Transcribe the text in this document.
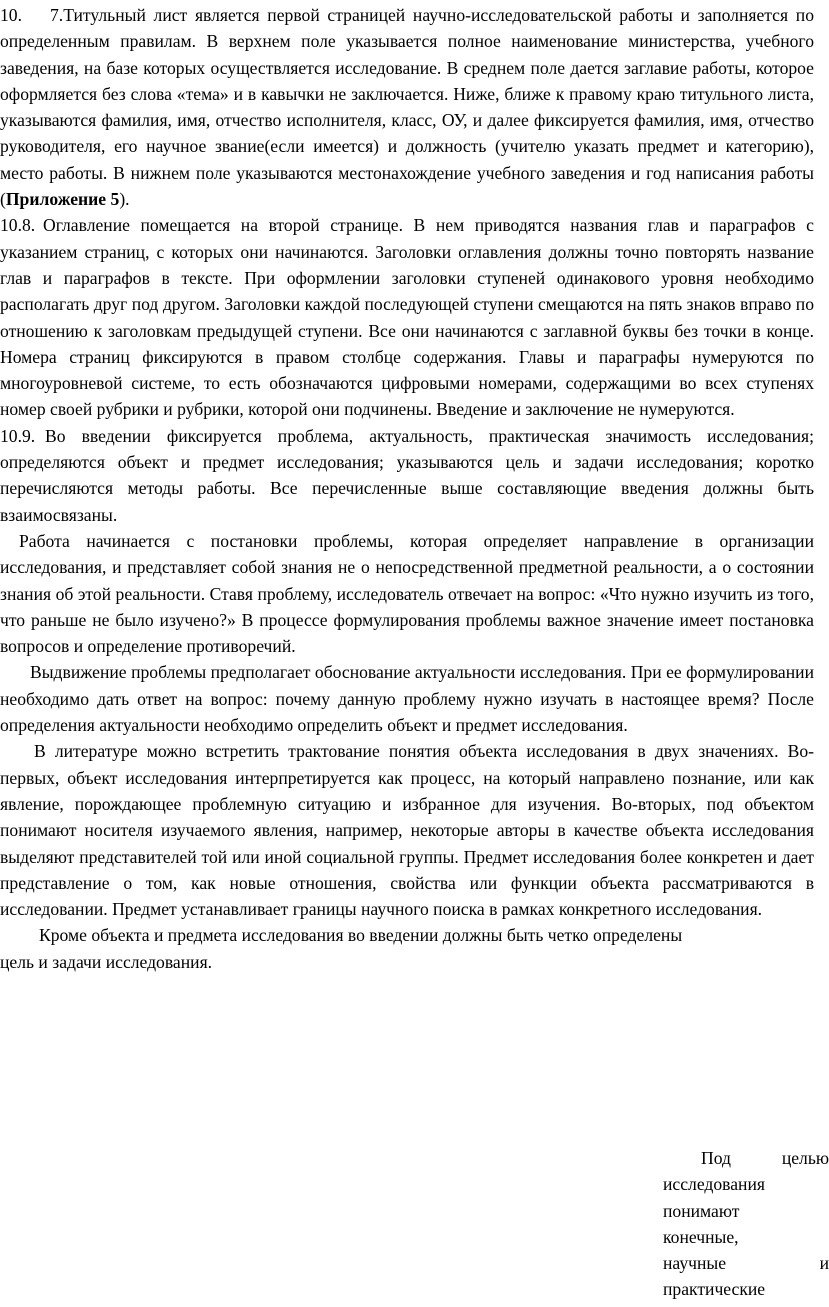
10. 7.Титульный лист является первой страницей научно-исследовательской работы и заполняется по определенным правилам. В верхнем поле указывается полное наименование министерства, учебного заведения, на базе которых осуществляется исследование. В среднем поле дается заглавие работы, которое оформляется без слова «тема» и в кавычки не заключается. Ниже, ближе к правому краю титульного листа, указываются фамилия, имя, отчество исполнителя, класс, ОУ, и далее фиксируется фамилия, имя, отчество руководителя, его научное звание(если имеется) и должность (учителю указать предмет и категорию), место работы. В нижнем поле указываются местонахождение учебного заведения и год написания работы (Приложение 5).

10.8. Оглавление помещается на второй странице. В нем приводятся названия глав и параграфов с указанием страниц, с которых они начинаются. Заголовки оглавления должны точно повторять название глав и параграфов в тексте. При оформлении заголовки ступеней одинакового уровня необходимо располагать друг под другом. Заголовки каждой последующей ступени смещаются на пять знаков вправо по отношению к заголовкам предыдущей ступени. Все они начинаются с заглавной буквы без точки в конце. Номера страниц фиксируются в правом столбце содержания. Главы и параграфы нумеруются по многоуровневой системе, то есть обозначаются цифровыми номерами, содержащими во всех ступенях номер своей рубрики и рубрики, которой они подчинены. Введение и заключение не нумеруются.

10.9. Во введении фиксируется проблема, актуальность, практическая значимость исследования; определяются объект и предмет исследования; указываются цель и задачи исследования; коротко перечисляются методы работы. Все перечисленные выше составляющие введения должны быть взаимосвязаны.

Работа начинается с постановки проблемы, которая определяет направление в организации исследования, и представляет собой знания не о непосредственной предметной реальности, а о состоянии знания об этой реальности. Ставя проблему, исследователь отвечает на вопрос: «Что нужно изучить из того, что раньше не было изучено?» В процессе формулирования проблемы важное значение имеет постановка вопросов и определение противоречий.

Выдвижение проблемы предполагает обоснование актуальности исследования. При ее формулировании необходимо дать ответ на вопрос: почему данную проблему нужно изучать в настоящее время? После определения актуальности необходимо определить объект и предмет исследования.

В литературе можно встретить трактование понятия объекта исследования в двух значениях. Во-первых, объект исследования интерпретируется как процесс, на который направлено познание, или как явление, порождающее проблемную ситуацию и избранное для изучения. Во-вторых, под объектом понимают носителя изучаемого явления, например, некоторые авторы в качестве объекта исследования выделяют представителей той или иной социальной группы. Предмет исследования более конкретен и дает представление о том, как новые отношения, свойства или функции объекта рассматриваются в исследовании. Предмет устанавливает границы научного поиска в рамках конкретного исследования.

Кроме объекта и предмета исследования во введении должны быть четко определены цель и задачи исследования.

Под целью
исследования
понимают
конечные,
научные и
практические
